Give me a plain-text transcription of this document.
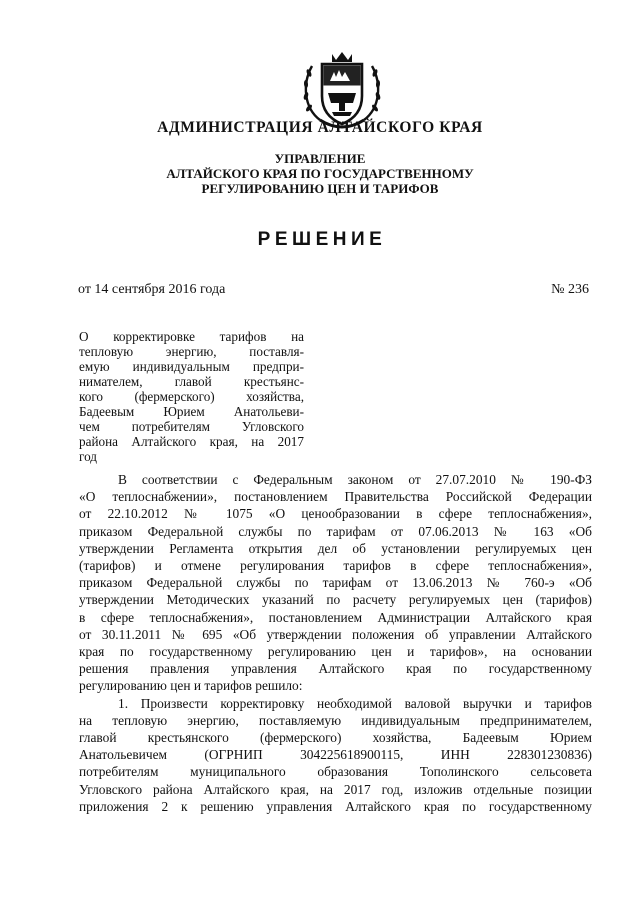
АДМИНИСТРАЦИЯ АЛТАЙСКОГО КРАЯ
УПРАВЛЕНИЕ
АЛТАЙСКОГО КРАЯ ПО ГОСУДАРСТВЕННОМУ
РЕГУЛИРОВАНИЮ ЦЕН И ТАРИФОВ
РЕШЕНИЕ
от 14 сентября 2016 года	№ 236
О корректировке тарифов на
тепловую энергию, поставля-
емую индивидуальным предпри-
нимателем, главой крестьянс-
кого (фермерского) хозяйства,
Бадеевым Юрием Анатольеви-
чем потребителям Угловского
района Алтайского края, на 2017
год
В соответствии с Федеральным законом от 27.07.2010 № 190-ФЗ
«О теплоснабжении», постановлением Правительства Российской Федерации
от 22.10.2012 № 1075 «О ценообразовании в сфере теплоснабжения»,
приказом Федеральной службы по тарифам от 07.06.2013 № 163 «Об
утверждении Регламента открытия дел об установлении регулируемых цен
(тарифов) и отмене регулирования тарифов в сфере теплоснабжения»,
приказом Федеральной службы по тарифам от 13.06.2013 № 760-э «Об
утверждении Методических указаний по расчету регулируемых цен (тарифов)
в сфере теплоснабжения», постановлением Администрации Алтайского края
от 30.11.2011 № 695 «Об утверждении положения об управлении Алтайского
края по государственному регулированию цен и тарифов», на основании
решения правления управления Алтайского края по государственному
регулированию цен и тарифов решило:
1. Произвести корректировку необходимой валовой выручки и тарифов
на тепловую энергию, поставляемую индивидуальным предпринимателем,
главой крестьянского (фермерского) хозяйства, Бадеевым Юрием
Анатольевичем (ОГРНИП 304225618900115, ИНН 228301230836)
потребителям муниципального образования Тополинского сельсовета
Угловского района Алтайского края, на 2017 год, изложив отдельные позиции
приложения 2 к решению управления Алтайского края по государственному
